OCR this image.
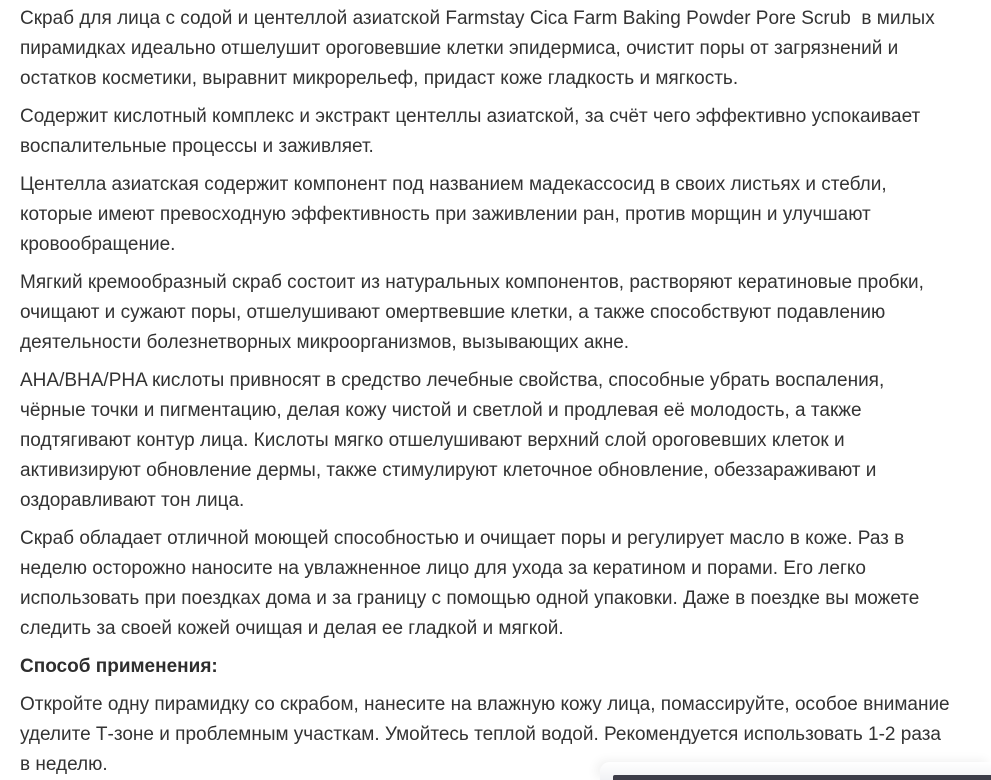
Скраб для лица с содой и центеллой азиатской Farmstay Cica Farm Baking Powder Pore Scrub  в милых пирамидках идеально отшелушит ороговевшие клетки эпидермиса, очистит поры от загрязнений и остатков косметики, выравнит микрорельеф, придаст коже гладкость и мягкость.

Содержит кислотный комплекс и экстракт центеллы азиатской, за счёт чего эффективно успокаивает воспалительные процессы и заживляет.

Центелла азиатская содержит компонент под названием мадекассосид в своих листьях и стебли, которые имеют превосходную эффективность при заживлении ран, против морщин и улучшают кровообращение.

Мягкий кремообразный скраб состоит из натуральных компонентов, растворяют кератиновые пробки, очищают и сужают поры, отшелушивают омертвевшие клетки, а также способствуют подавлению деятельности болезнетворных микроорганизмов, вызывающих акне.

AHA/BHA/PHA кислоты привносят в средство лечебные свойства, способные убрать воспаления, чёрные точки и пигментацию, делая кожу чистой и светлой и продлевая её молодость, а также подтягивают контур лица. Кислоты мягко отшелушивают верхний слой ороговевших клеток и активизируют обновление дермы, также стимулируют клеточное обновление, обеззараживают и оздоравливают тон лица.

Скраб обладает отличной моющей способностью и очищает поры и регулирует масло в коже. Раз в неделю осторожно наносите на увлажненное лицо для ухода за кератином и порами. Его легко использовать при поездках дома и за границу с помощью одной упаковки. Даже в поездке вы можете следить за своей кожей очищая и делая ее гладкой и мягкой.

Способ применения:

Откройте одну пирамидку со скрабом, нанесите на влажную кожу лица, помассируйте, особое внимание уделите Т-зоне и проблемным участкам. Умойтесь теплой водой. Рекомендуется использовать 1-2 раза в неделю.
